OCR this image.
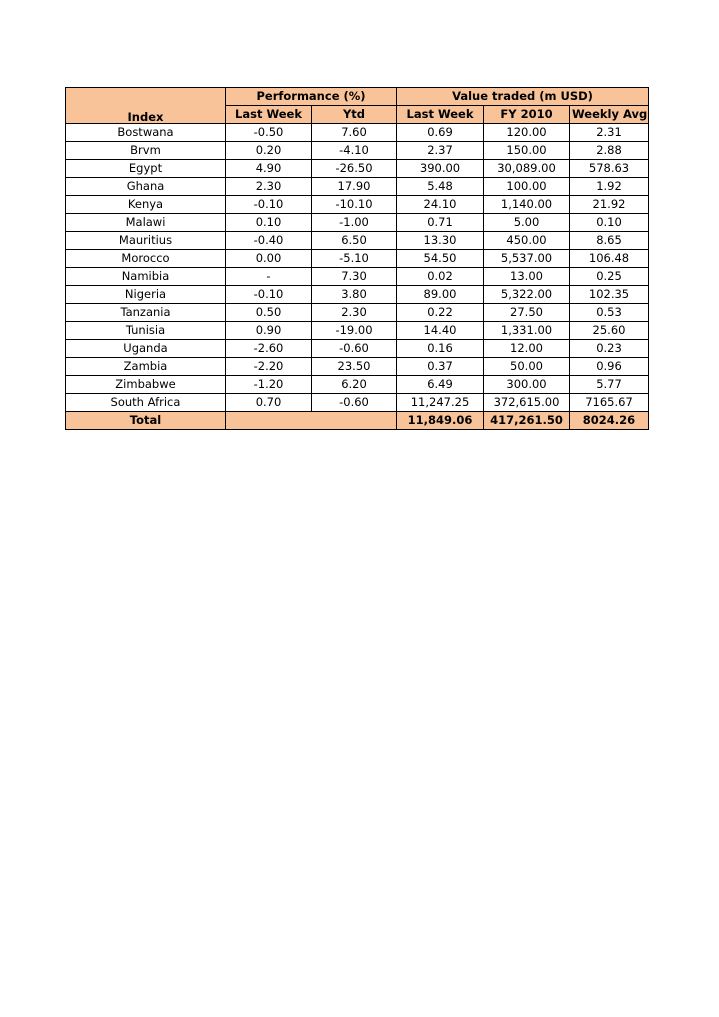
Index	Performance (%)		Value traded (m USD)		
	Last Week	Ytd	Last Week	FY 2010	Weekly Avg
Bostwana	-0.50	7.60	0.69	120.00	2.31
Brvm	0.20	-4.10	2.37	150.00	2.88
Egypt	4.90	-26.50	390.00	30,089.00	578.63
Ghana	2.30	17.90	5.48	100.00	1.92
Kenya	-0.10	-10.10	24.10	1,140.00	21.92
Malawi	0.10	-1.00	0.71	5.00	0.10
Mauritius	-0.40	6.50	13.30	450.00	8.65
Morocco	0.00	-5.10	54.50	5,537.00	106.48
Namibia	-	7.30	0.02	13.00	0.25
Nigeria	-0.10	3.80	89.00	5,322.00	102.35
Tanzania	0.50	2.30	0.22	27.50	0.53
Tunisia	0.90	-19.00	14.40	1,331.00	25.60
Uganda	-2.60	-0.60	0.16	12.00	0.23
Zambia	-2.20	23.50	0.37	50.00	0.96
Zimbabwe	-1.20	6.20	6.49	300.00	5.77
South Africa	0.70	-0.60	11,247.25	372,615.00	7165.67
Total			11,849.06	417,261.50	8024.26
